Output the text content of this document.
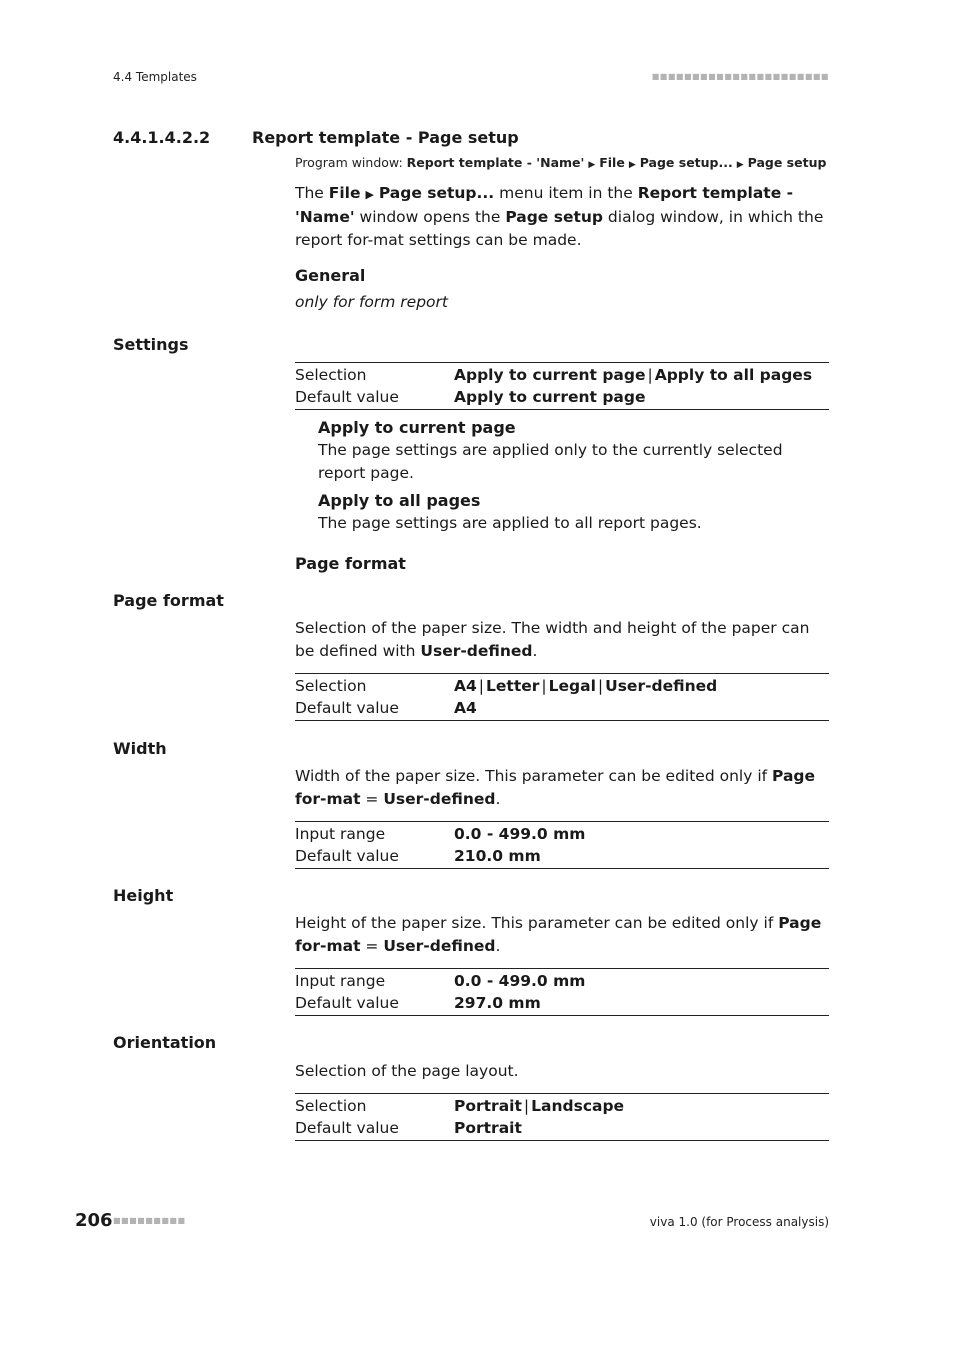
4.4 Templates	■■■■■■■■■■■■■■■■■■■■■■
4.4.1.4.2.2	Report template - Page setup
Program window: Report template - 'Name' ▶ File ▶ Page setup... ▶ Page setup
The File ▶ Page setup... menu item in the Report template - 'Name' window opens the Page setup dialog window, in which the report for-mat settings can be made.
General
only for form report
Settings
Selection	Apply to current page | Apply to all pages
Default value	Apply to current page
Apply to current page
The page settings are applied only to the currently selected report page.
Apply to all pages
The page settings are applied to all report pages.
Page format
Page format
Selection of the paper size. The width and height of the paper can be defined with User-defined.
Selection	A4 | Letter | Legal | User-defined
Default value	A4
Width
Width of the paper size. This parameter can be edited only if Page for-mat = User-defined.
Input range	0.0 - 499.0 mm
Default value	210.0 mm
Height
Height of the paper size. This parameter can be edited only if Page for-mat = User-defined.
Input range	0.0 - 499.0 mm
Default value	297.0 mm
Orientation
Selection of the page layout.
Selection	Portrait | Landscape
Default value	Portrait
206 ■■■■■■■■■	viva 1.0 (for Process analysis)
